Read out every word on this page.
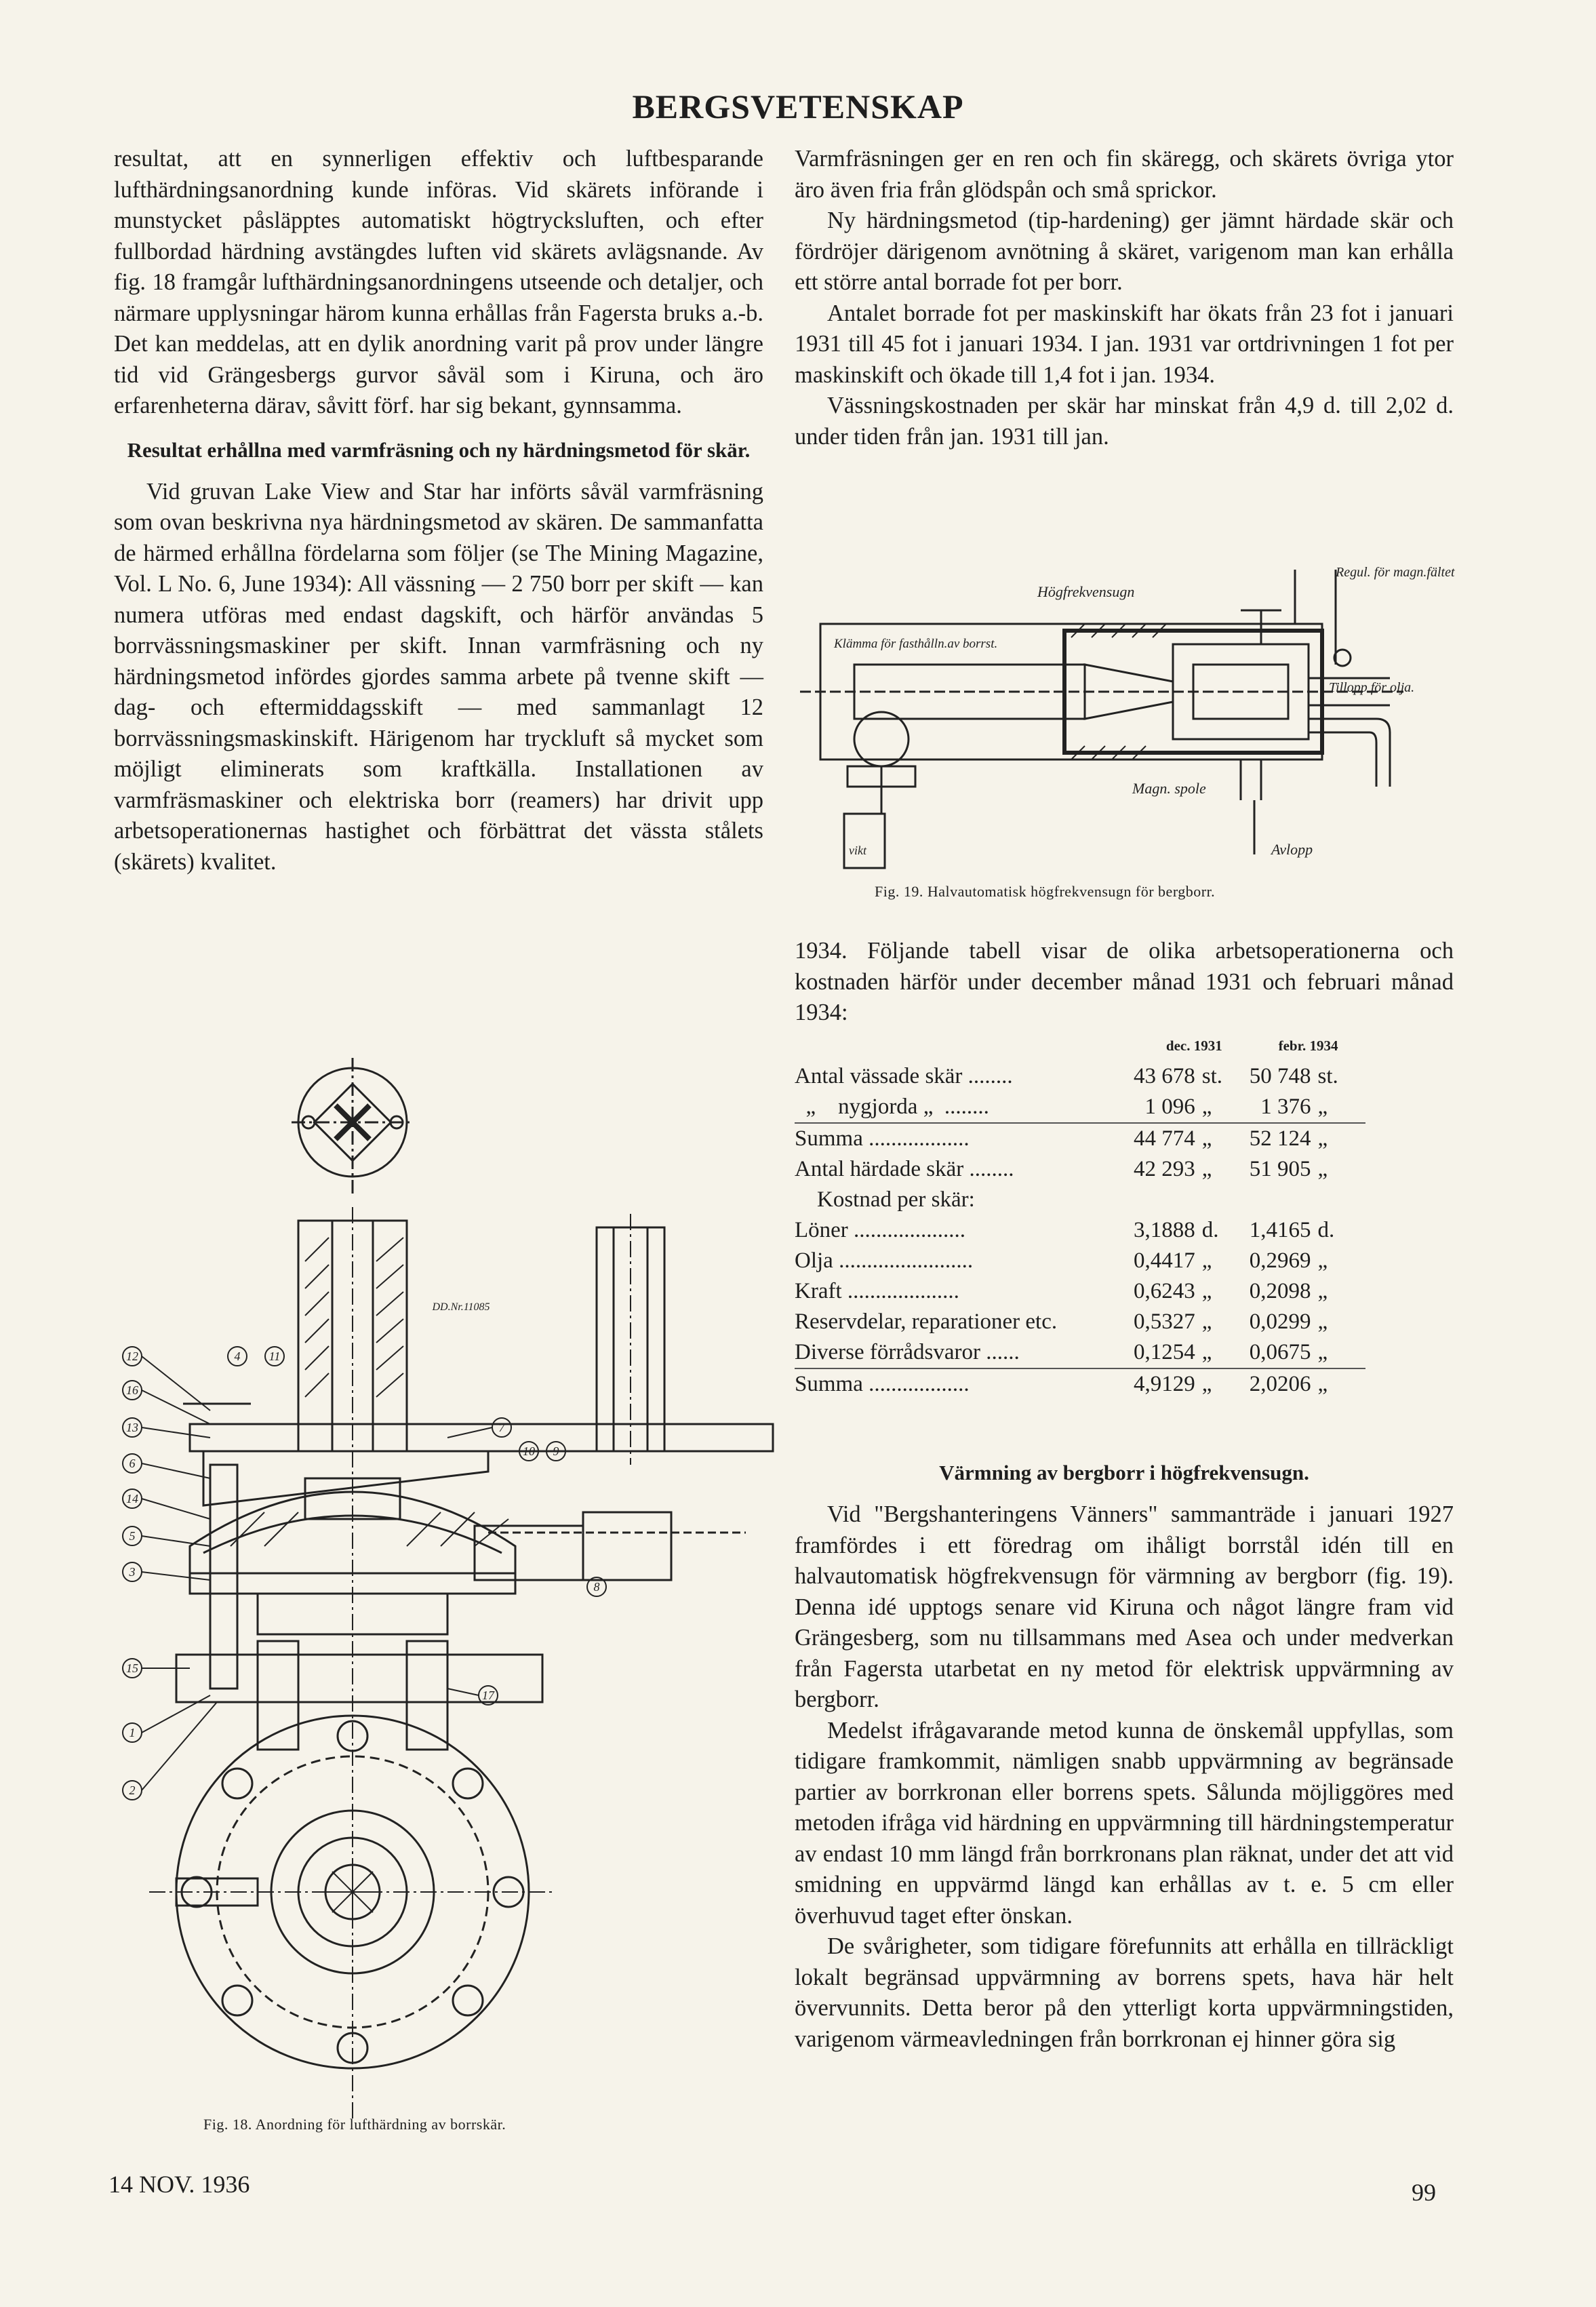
BERGSVETENSKAP

resultat, att en synnerligen effektiv och luftbesparande lufthärdningsanordning kunde införas. Vid skärets införande i munstycket påsläpptes automatiskt högtrycksluften, och efter fullbordad härdning avstängdes luften vid skärets avlägsnande. Av fig. 18 framgår lufthärdningsanordningens utseende och detaljer, och närmare upplysningar härom kunna erhållas från Fagersta bruks a.-b. Det kan meddelas, att en dylik anordning varit på prov under längre tid vid Grängesbergs gurvor såväl som i Kiruna, och äro erfarenheterna därav, såvitt förf. har sig bekant, gynnsamma.

Resultat erhållna med varmfräsning och ny härdningsmetod för skär.

Vid gruvan Lake View and Star har införts såväl varmfräsning som ovan beskrivna nya härdningsmetod av skären. De sammanfatta de härmed erhållna fördelarna som följer (se The Mining Magazine, Vol. L No. 6, June 1934): All vässning — 2 750 borr per skift — kan numera utföras med endast dagskift, och härför användas 5 borrvässningsmaskiner per skift. Innan varmfräsning och ny härdningsmetod infördes gjordes samma arbete på tvenne skift — dag- och eftermiddagsskift — med sammanlagt 12 borrvässningsmaskinskift. Härigenom har tryckluft så mycket som möjligt eliminerats som kraftkälla. Installationen av varmfräsmaskiner och elektriska borr (reamers) har drivit upp arbetsoperationernas hastighet och förbättrat det vässta stålets (skärets) kvalitet.

12
16
13
6
14
5
3
15
1
2
4 11
7
10 9
8
17
DD.Nr.11085
Fig. 18. Anordning för lufthärdning av borrskär.

Varmfräsningen ger en ren och fin skäregg, och skärets övriga ytor äro även fria från glödspån och små sprickor.

Ny härdningsmetod (tip-hardening) ger jämnt härdade skär och fördröjer därigenom avnötning å skäret, varigenom man kan erhålla ett större antal borrade fot per borr.

Antalet borrade fot per maskinskift har ökats från 23 fot i januari 1931 till 45 fot i januari 1934. I jan. 1931 var ortdrivningen 1 fot per maskinskift och ökade till 1,4 fot i jan. 1934.

Vässningskostnaden per skär har minskat från 4,9 d. till 2,02 d. under tiden från jan. 1931 till jan.

Högfrekvensugn
Klämma för fasthålln.av borrst.
Regul. för magn.fältet
Tillopp för olja.
Magn. spole
Avlopp
vikt
Fig. 19. Halvautomatisk högfrekvensugn för bergborr.

1934. Följande tabell visar de olika arbetsoperationerna och kostnaden härför under december månad 1931 och februari månad 1934:

	dec. 1931		febr. 1934	
Antal vässade skär ........	43 678	st.	50 748	st.
„    nygjorda „  ........	1 096	„	1 376	„
Summa ..................	44 774	„	52 124	„
Antal härdade skär ........	42 293	„	51 905	„
Kostnad per skär:				
Löner ....................	3,1888	d.	1,4165	d.
Olja ........................	0,4417	„	0,2969	„
Kraft ....................	0,6243	„	0,2098	„
Reservdelar, reparationer etc.	0,5327	„	0,0299	„
Diverse förrådsvaror ......	0,1254	„	0,0675	„
Summa ..................	4,9129	„	2,0206	„

Värmning av bergborr i högfrekvensugn.

Vid "Bergshanteringens Vänners" sammanträde i januari 1927 framfördes i ett föredrag om ihåligt borrstål idén till en halvautomatisk högfrekvensugn för värmning av bergborr (fig. 19). Denna idé upptogs senare vid Kiruna och något längre fram vid Grängesberg, som nu tillsammans med Asea och under medverkan från Fagersta utarbetat en ny metod för elektrisk uppvärmning av bergborr.

Medelst ifrågavarande metod kunna de önskemål uppfyllas, som tidigare framkommit, nämligen snabb uppvärmning av begränsade partier av borrkronan eller borrens spets. Sålunda möjliggöres med metoden ifråga vid härdning en uppvärmning till härdningstemperatur av endast 10 mm längd från borrkronans plan räknat, under det att vid smidning en uppvärmd längd kan erhållas av t. e. 5 cm eller överhuvud taget efter önskan.

De svårigheter, som tidigare förefunnits att erhålla en tillräckligt lokalt begränsad uppvärmning av borrens spets, hava här helt övervunnits. Detta beror på den ytterligt korta uppvärmningstiden, varigenom värmeavledningen från borrkronan ej hinner göra sig

14 NOV. 1936	99
